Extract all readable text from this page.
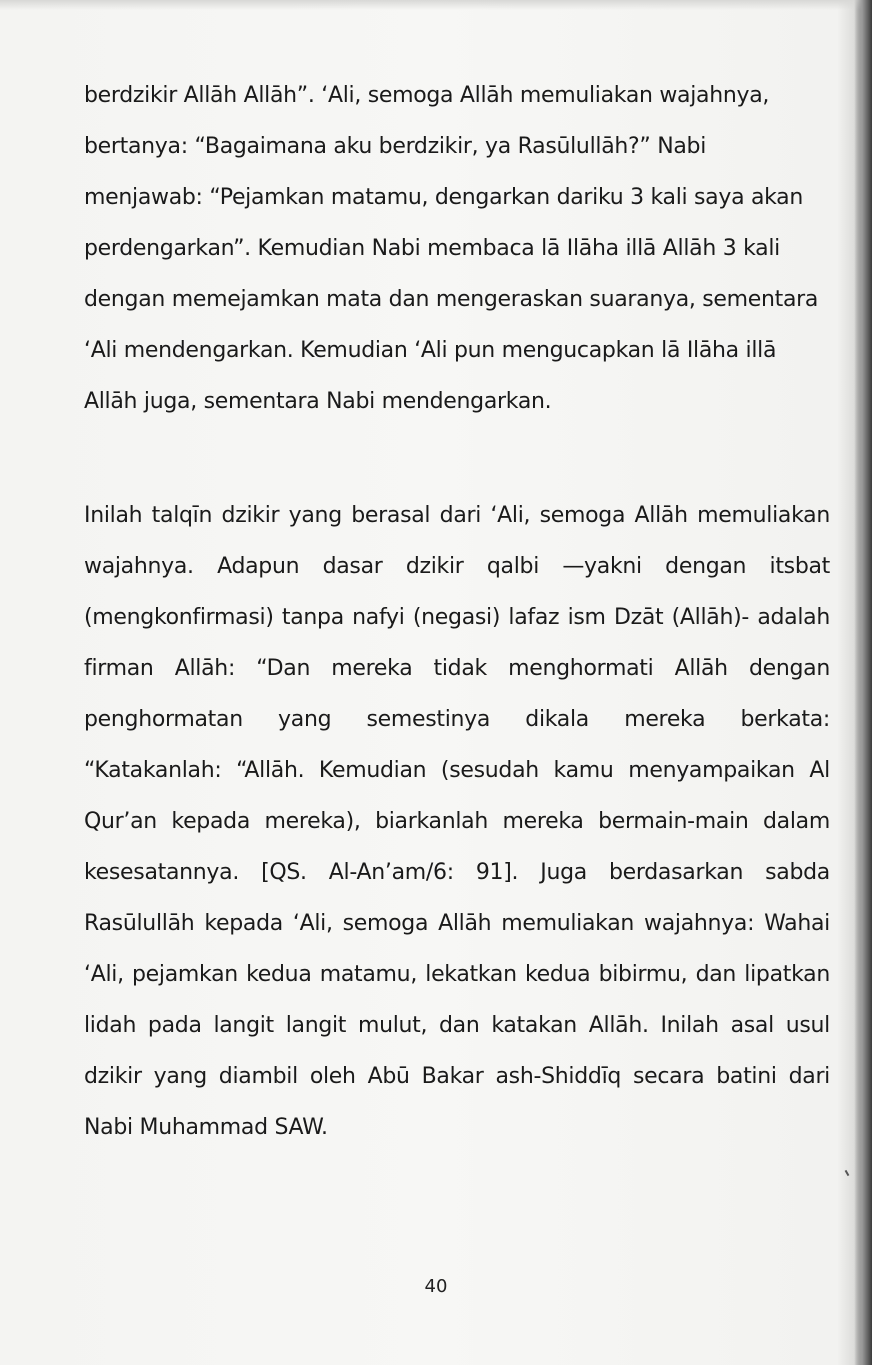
berdzikir Allāh Allāh”. ‘Ali, semoga Allāh memuliakan wajahnya, bertanya: “Bagaimana aku berdzikir, ya Rasūlullāh?” Nabi menjawab: “Pejamkan matamu, dengarkan dariku 3 kali saya akan perdengarkan”. Kemudian Nabi membaca lā Ilāha illā Allāh 3 kali dengan memejamkan mata dan mengeraskan suaranya, sementara ‘Ali mendengarkan. Kemudian ‘Ali pun mengucapkan lā Ilāha illā Allāh juga, sementara Nabi mendengarkan.

Inilah talqīn dzikir yang berasal dari ‘Ali, semoga Allāh memuliakan wajahnya. Adapun dasar dzikir qalbi —yakni dengan itsbat (mengkonfirmasi) tanpa nafyi (negasi) lafaz ism Dzāt (Allāh)- adalah firman Allāh: “Dan mereka tidak menghormati Allāh dengan penghormatan yang semestinya dikala mereka berkata: “Katakanlah: “Allāh. Kemudian (sesudah kamu menyampaikan Al Qur’an kepada mereka), biarkanlah mereka bermain-main dalam kesesatannya. [QS. Al-An’am/6: 91]. Juga berdasarkan sabda Rasūlullāh kepada ‘Ali, semoga Allāh memuliakan wajahnya: Wahai ‘Ali, pejamkan kedua matamu, lekatkan kedua bibirmu, dan lipatkan lidah pada langit langit mulut, dan katakan Allāh. Inilah asal usul dzikir yang diambil oleh Abū Bakar ash-Shiddīq secara batini dari Nabi Muhammad SAW.

40
